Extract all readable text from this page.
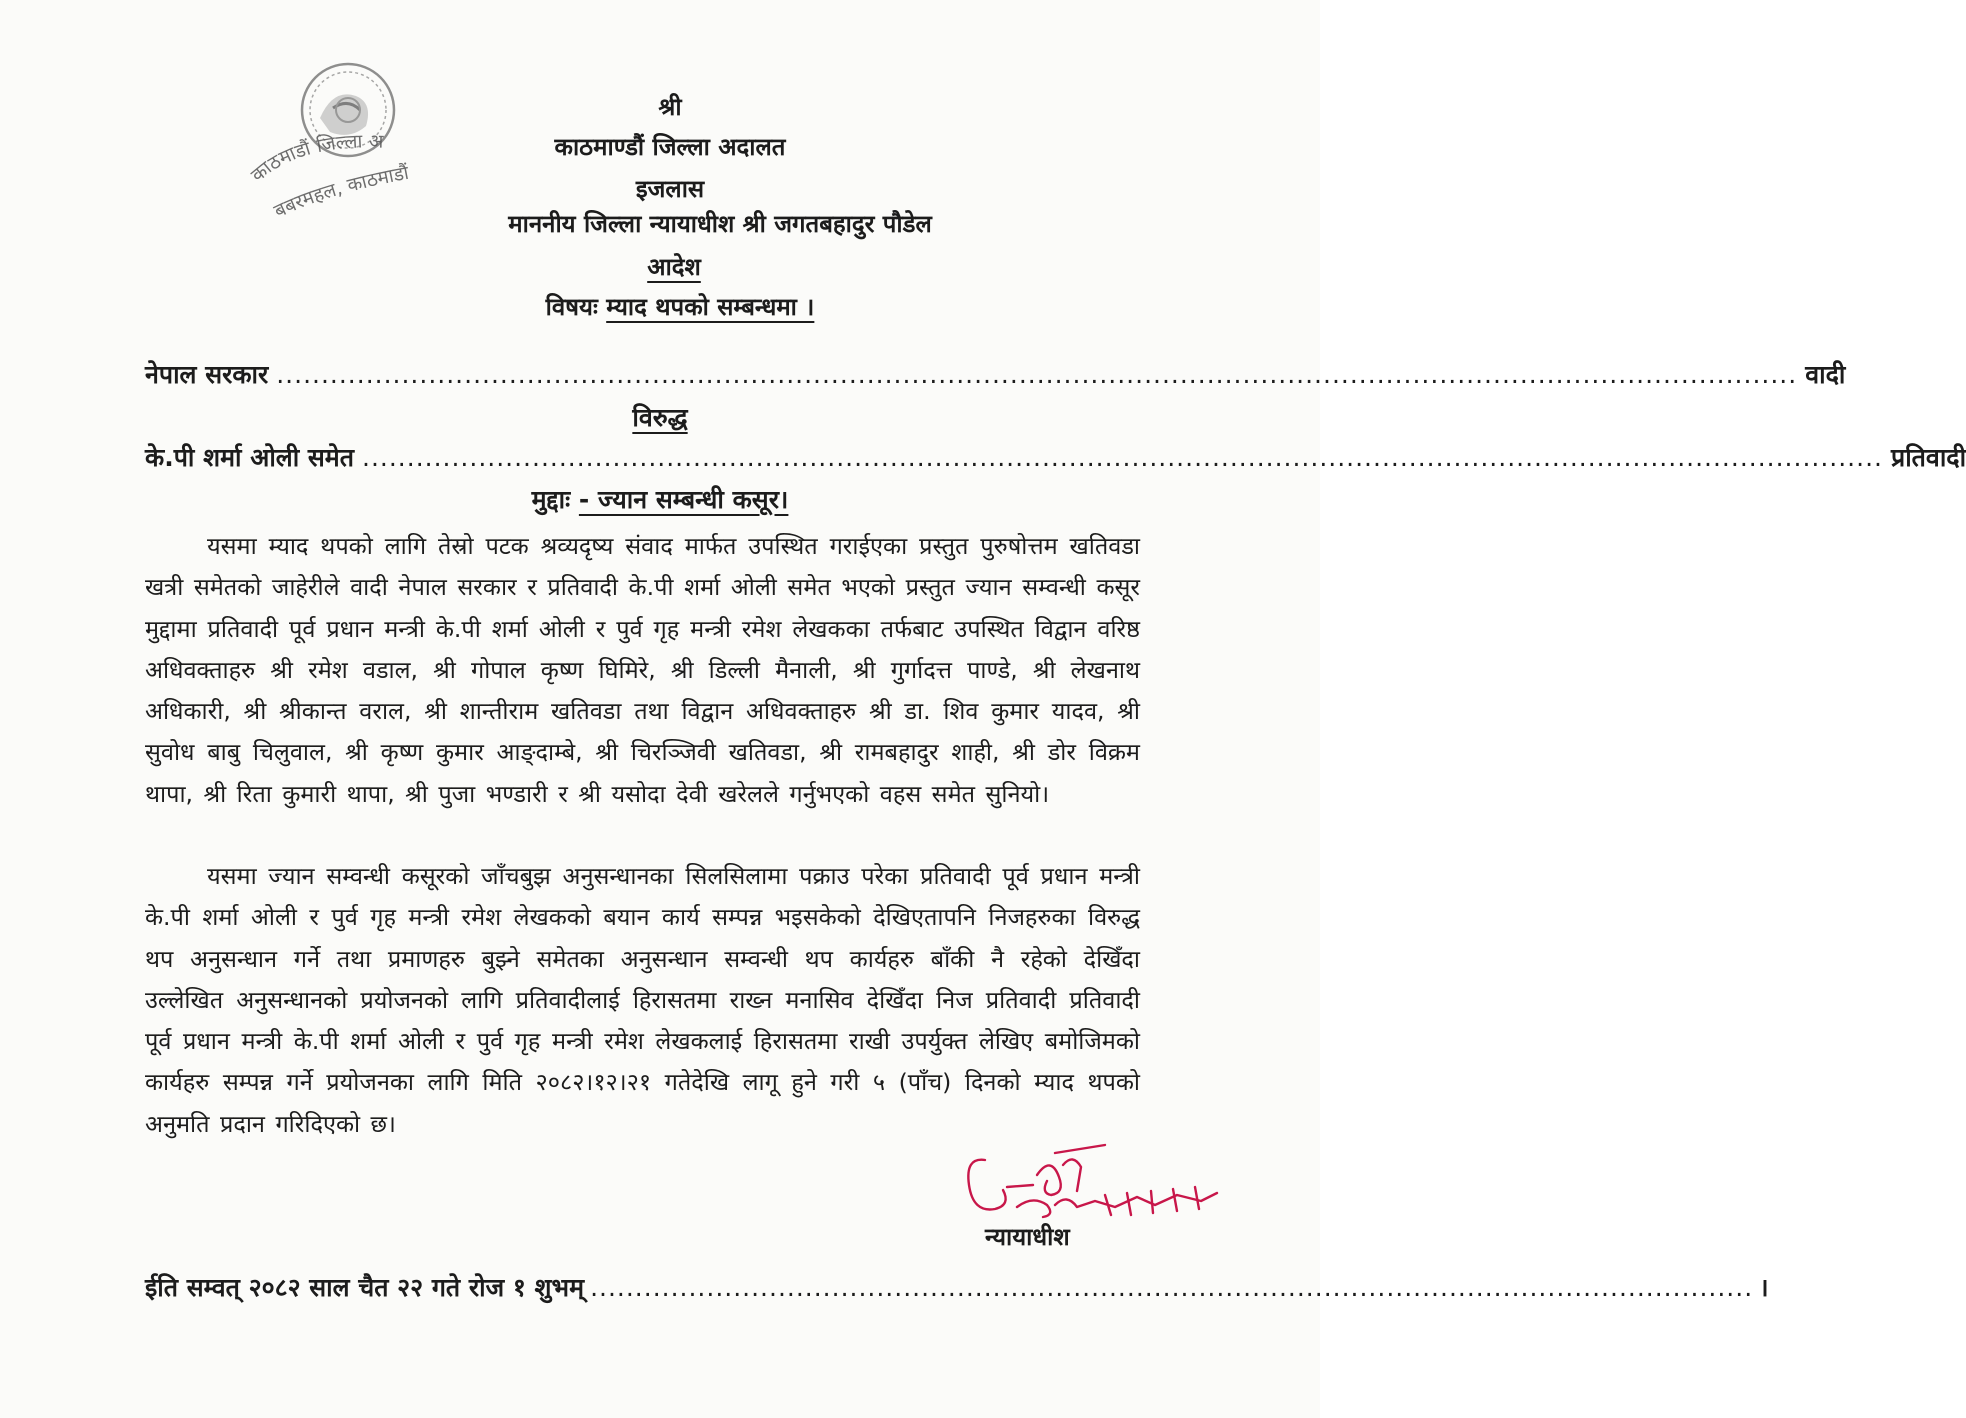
काठमाडौं जिल्ला अ
बबरमहल, काठमाडौं
श्री
काठमाण्डौं जिल्ला अदालत
इजलास
माननीय जिल्ला न्यायाधीश श्री जगतबहादुर पौडेल
आदेश
विषयः म्याद थपको सम्बन्धमा ।
नेपाल सरकार .......................................................................................................................................................................... वादी
विरुद्ध
के.पी शर्मा ओली समेत .......................................................................................................................................................................... प्रतिवादी
मुद्दाः - ज्यान सम्बन्धी कसूर।

यसमा म्याद थपको लागि तेस्रो पटक श्रव्यदृष्य संवाद मार्फत उपस्थित गराईएका प्रस्तुत पुरुषोत्तम खतिवडा खत्री समेतको जाहेरीले वादी नेपाल सरकार र प्रतिवादी के.पी शर्मा ओली समेत भएको प्रस्तुत ज्यान सम्वन्धी कसूर मुद्दामा प्रतिवादी पूर्व प्रधान मन्त्री के.पी शर्मा ओली र पुर्व गृह मन्त्री रमेश लेखकका तर्फबाट उपस्थित विद्वान वरिष्ठ अधिवक्ताहरु श्री रमेश वडाल, श्री गोपाल कृष्ण घिमिरे, श्री डिल्ली मैनाली, श्री गुर्गादत्त पाण्डे, श्री लेखनाथ अधिकारी, श्री श्रीकान्त वराल, श्री शान्तीराम खतिवडा तथा विद्वान अधिवक्ताहरु श्री डा. शिव कुमार यादव, श्री सुवोध बाबु चिलुवाल, श्री कृष्ण कुमार आङ्दाम्बे, श्री चिरञ्जिवी खतिवडा, श्री रामबहादुर शाही, श्री डोर विक्रम थापा, श्री रिता कुमारी थापा, श्री पुजा भण्डारी र श्री यसोदा देवी खरेलले गर्नुभएको वहस समेत सुनियो।

यसमा ज्यान सम्वन्धी कसूरको जाँचबुझ अनुसन्धानका सिलसिलामा पक्राउ परेका प्रतिवादी पूर्व प्रधान मन्त्री के.पी शर्मा ओली र पुर्व गृह मन्त्री रमेश लेखकको बयान कार्य सम्पन्न भइसकेको देखिएतापनि निजहरुका विरुद्ध थप अनुसन्धान गर्ने तथा प्रमाणहरु बुझ्ने समेतका अनुसन्धान सम्वन्धी थप कार्यहरु बाँकी नै रहेको देखिँदा उल्लेखित अनुसन्धानको प्रयोजनको लागि प्रतिवादीलाई हिरासतमा राख्न मनासिव देखिँदा निज प्रतिवादी प्रतिवादी पूर्व प्रधान मन्त्री के.पी शर्मा ओली र पुर्व गृह मन्त्री रमेश लेखकलाई हिरासतमा राखी उपर्युक्त लेखिए बमोजिमको कार्यहरु सम्पन्न गर्ने प्रयोजनका लागि मिति २०८२।१२।२१ गतेदेखि लागू हुने गरी ५ (पाँच) दिनको म्याद थपको अनुमति प्रदान गरिदिएको छ।

न्यायाधीश
ईति सम्वत् २०८२ साल चैत २२ गते रोज १ शुभम् .................................................................................................................................. ।
